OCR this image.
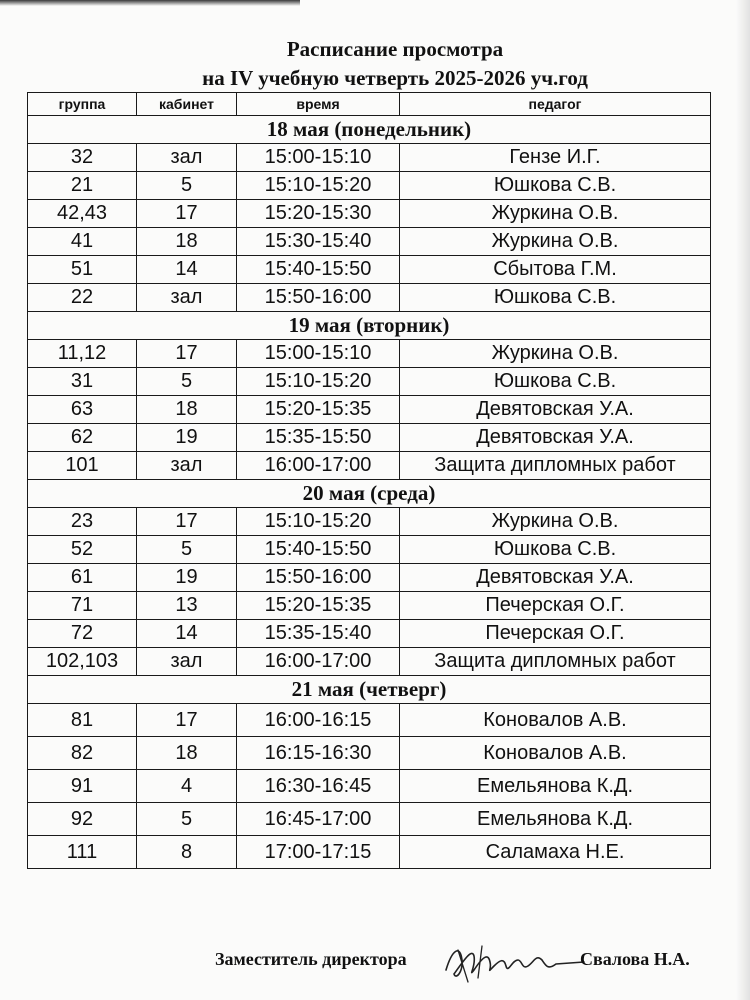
Расписание просмотра
на IV учебную четверть 2025-2026 уч.год
группа	кабинет	время	педагог
18 мая (понедельник)			
32	зал	15:00-15:10	Гензе И.Г.
21	5	15:10-15:20	Юшкова С.В.
42,43	17	15:20-15:30	Журкина О.В.
41	18	15:30-15:40	Журкина О.В.
51	14	15:40-15:50	Сбытова Г.М.
22	зал	15:50-16:00	Юшкова С.В.
19 мая (вторник)			
11,12	17	15:00-15:10	Журкина О.В.
31	5	15:10-15:20	Юшкова С.В.
63	18	15:20-15:35	Девятовская У.А.
62	19	15:35-15:50	Девятовская У.А.
101	зал	16:00-17:00	Защита дипломных работ
20 мая (среда)			
23	17	15:10-15:20	Журкина О.В.
52	5	15:40-15:50	Юшкова С.В.
61	19	15:50-16:00	Девятовская У.А.
71	13	15:20-15:35	Печерская О.Г.
72	14	15:35-15:40	Печерская О.Г.
102,103	зал	16:00-17:00	Защита дипломных работ
21 мая (четверг)			
81	17	16:00-16:15	Коновалов А.В.
82	18	16:15-16:30	Коновалов А.В.
91	4	16:30-16:45	Емельянова К.Д.
92	5	16:45-17:00	Емельянова К.Д.
111	8	17:00-17:15	Саламаха Н.Е.
Заместитель директора	Свалова Н.А.
